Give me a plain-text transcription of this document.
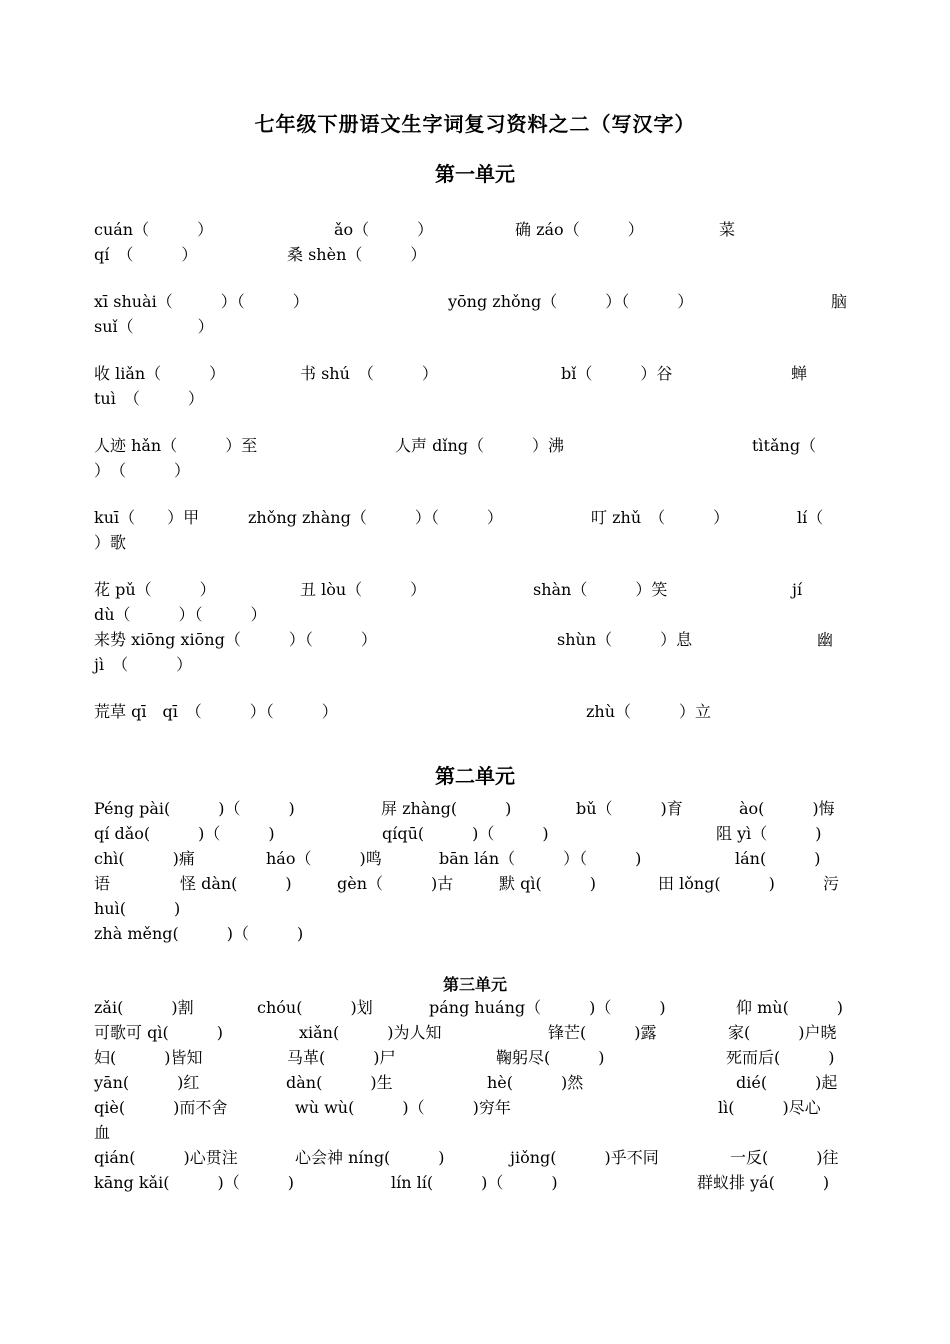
七年级下册语文生字词复习资料之二（写汉字）
第一单元
cuán（　　　）	ǎo（　　　）	确 záo（　　　）	菜
qí　（　　　）	桑 shèn（　　　）
xī shuài（　　　）（　　　）	yōng zhǒng（　　　）（　　　）	脑
suǐ（　　　　）
收 liǎn（　　　）	书 shú　（　　　）	bǐ（　　　）谷	蝉
tuì　（　　　）
人迹 hǎn（　　　）至	人声 dǐng（　　　）沸	tìtǎng（
）　（　　　）
kuī（　　）甲	zhǒng zhàng（　　　）（　　　）	叮 zhǔ　（　　　）	lí（
）歌
花 pǔ（　　　）	丑 lòu（　　　）	shàn（　　　）笑	jí
dù（　　　）（　　　）
来势 xiōng xiōng（　　　）（　　　）	shùn（　　　）息	幽
jì　（　　　）
荒草 qī　qī　（　　　）（　　　）	zhù（　　　）立
第二单元
Péng pài(　　　)（　　　)	屏 zhàng(　　　)	bǔ（　　　)育	ào(　　　)悔
qí dǎo(　　　)（　　　)	qíqū(　　　)（　　　)	阻 yì（　　　)
chì(　　　)痛	háo（　　　)鸣	bān lán（　　　）（　　　)	lán(　　　)
语	怪 dàn(　　　)	gèn（　　　)古	默 qì(　　　)	田 lǒng(　　　)	污
huì(　　　)
zhà měng(　　　)（　　　)
第三单元
zǎi(　　　)割	chóu(　　　)划	páng huáng（　　　)（　　　)	仰 mù(　　　)
可歌可 qì(　　　)	xiǎn(　　　)为人知	锋芒(　　　)露	家(　　　)户晓
妇(　　　)皆知	马革(　　　)尸	鞠躬尽(　　　)	死而后(　　　)
yān(　　　)红	dàn(　　　)生	hè(　　　)然	dié(　　　)起
qiè(　　　)而不舍	wù wù(　　　)（　　　)穷年	lì(　　　)尽心
血
qián(　　　)心贯注	心会神 níng(　　　)	jiǒng(　　　)乎不同	一反(　　　)往
kāng kǎi(　　　)（　　　)	lín lí(　　　)（　　　)	群蚁排 yá(　　　)
